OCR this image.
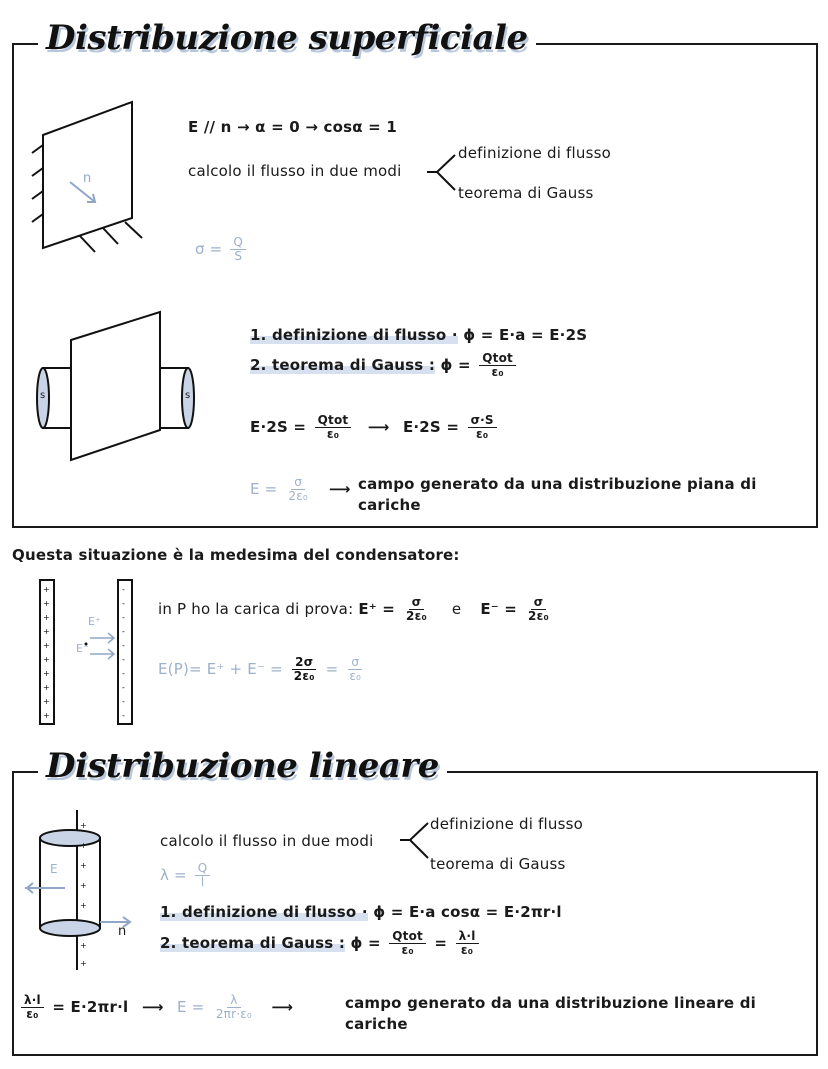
Distribuzione superficiale
n
E // n → α = 0 → cosα = 1
calcolo il flusso in due modi
definizione di flusso
teorema di Gauss
$\sigma = \frac{Q}{S}$
s	s
1. definizione di flusso · ϕ = E·a = E·2S
2. teorema di Gauss : $\phi = \frac{\text{Qtot}}{\text{ε₀}}$
$E\cdot 2S = \frac{\text{Qtot}}{\text{ε₀}}$ ⟶ $E\cdot 2S = \frac{\sigma\cdot S}{\text{ε₀}}$
$E = \frac{\sigma}{\text{2ε₀}}$ ⟶ campo generato da una distribuzione piana di cariche
Questa situazione è la medesima del condensatore:
+
+
+
+
+
+
+
+
+
+
-
-
-
-
-
-
-
-
-
-
E⁺
E⁻
in P ho la carica di prova: $E^+ = \frac{\sigma}{\text{2ε₀}}$ e $E^- = \frac{\sigma}{\text{2ε₀}}$
$E(P)= E^+ + E^- = \frac{2\sigma}{\text{2ε₀}} = \frac{\sigma}{\text{ε₀}}$
Distribuzione lineare
+
+
+
+
+
+
+
E
n
calcolo il flusso in due modi
definizione di flusso
teorema di Gauss
$\lambda = \frac{Q}{l}$
1. definizione di flusso · ϕ = E·a cosα = E·2πr·l
2. teorema di Gauss : $\phi = \frac{\text{Qtot}}{\text{ε₀}} = \frac{\lambda\cdot l}{\text{ε₀}}$
$\frac{\lambda\cdot l}{\text{ε₀}} = E\cdot 2\pi r\cdot l$ ⟶ $E = \frac{\lambda}{\text{2πr·ε₀}}$ ⟶	campo generato da una distribuzione lineare di cariche
